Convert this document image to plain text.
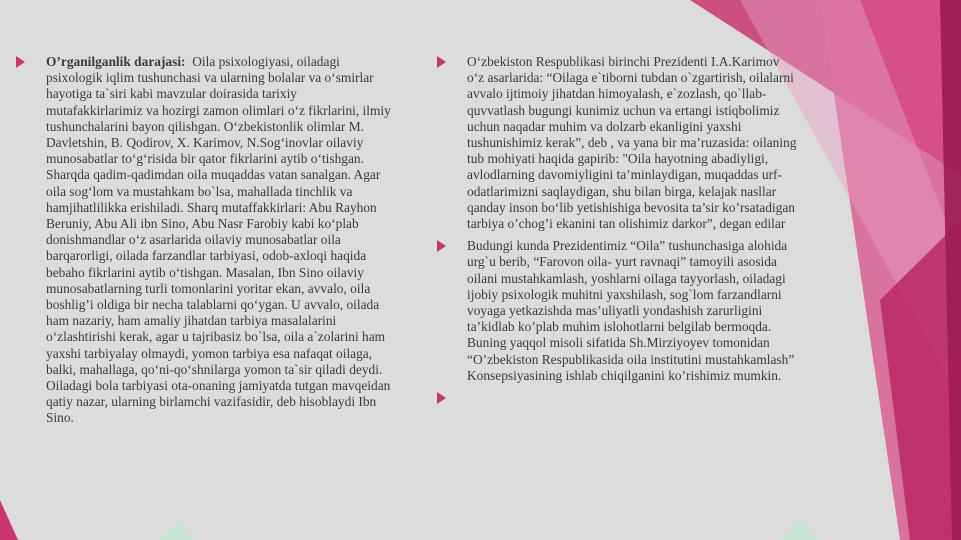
O’rganilganlik darajasi: Oila psixologiyasi, oiladagi psixologik iqlim tushunchasi va ularning bolalar va o‘smirlar hayotiga ta`siri kabi mavzular doirasida tarixiy mutafakkirlarimiz va hozirgi zamon olimlari o‘z fikrlarini, ilmiy tushunchalarini bayon qilishgan. O‘zbekistonlik olimlar M. Davletshin, B. Qodirov, X. Karimov, N.Sog‘inovlar oilaviy munosabatlar to‘g‘risida bir qator fikrlarini aytib o‘tishgan. Sharqda qadim-qadimdan oila muqaddas vatan sanalgan. Agar oila sog‘lom va mustahkam bo`lsa, mahallada tinchlik va hamjihatlilikka erishiladi. Sharq mutaffakkirlari: Abu Rayhon Beruniy, Abu Ali ibn Sino, Abu Nasr Farobiy kabi ko‘plab donishmandlar o‘z asarlarida oilaviy munosabatlar oila barqarorligi, oilada farzandlar tarbiyasi, odob-axloqi haqida bebaho fikrlarini aytib o‘tishgan. Masalan, Ibn Sino oilaviy munosabatlarning turli tomonlarini yoritar ekan, avvalo, oila boshlig’i oldiga bir necha talablarni qo‘ygan. U avvalo, oilada ham nazariy, ham amaliy jihatdan tarbiya masalalarini o‘zlashtirishi kerak, agar u tajribasiz bo`lsa, oila a`zolarini ham yaxshi tarbiyalay olmaydi, yomon tarbiya esa nafaqat oilaga, balki, mahallaga, qo‘ni-qo‘shnilarga yomon ta`sir qiladi deydi. Oiladagi bola tarbiyasi ota-onaning jamiyatda tutgan mavqeidan qatiy nazar, ularning birlamchi vazifasidir, deb hisoblaydi Ibn Sino.

O‘zbekiston Respublikasi birinchi Prezidenti I.A.Karimov o‘z asarlarida: “Oilaga e`tiborni tubdan o`zgartirish, oilalarni avvalo ijtimoiy jihatdan himoyalash, e`zozlash, qo`llab-quvvatlash bugungi kunimiz uchun va ertangi istiqbolimiz uchun naqadar muhim va dolzarb ekanligini yaxshi tushunishimiz kerak”, deb , va yana bir ma’ruzasida: oilaning tub mohiyati haqida gapirib: "Oila hayotning abadiyligi, avlodlarning davomiyligini ta’minlaydigan, muqaddas urf-odatlarimizni saqlaydigan, shu bilan birga, kelajak nasllar qanday inson bo‘lib yetishishiga bevosita ta’sir ko’rsatadigan tarbiya o’chog’i ekanini tan olishimiz darkor”, degan edilar

Budungi kunda Prezidentimiz “Oila” tushunchasiga alohida urg`u berib, “Farovon oila- yurt ravnaqi” tamoyili asosida oilani mustahkamlash, yoshlarni oilaga tayyorlash, oiladagi ijobiy psixologik muhitni yaxshilash, sog`lom farzandlarni voyaga yetkazishda mas’uliyatli yondashish zarurligini ta’kidlab ko’plab muhim islohotlarni belgilab bermoqda. Buning yaqqol misoli sifatida Sh.Mirziyoyev tomonidan “O’zbekiston Respublikasida oila institutini mustahkamlash” Konsepsiyasining ishlab chiqilganini ko’rishimiz mumkin.
